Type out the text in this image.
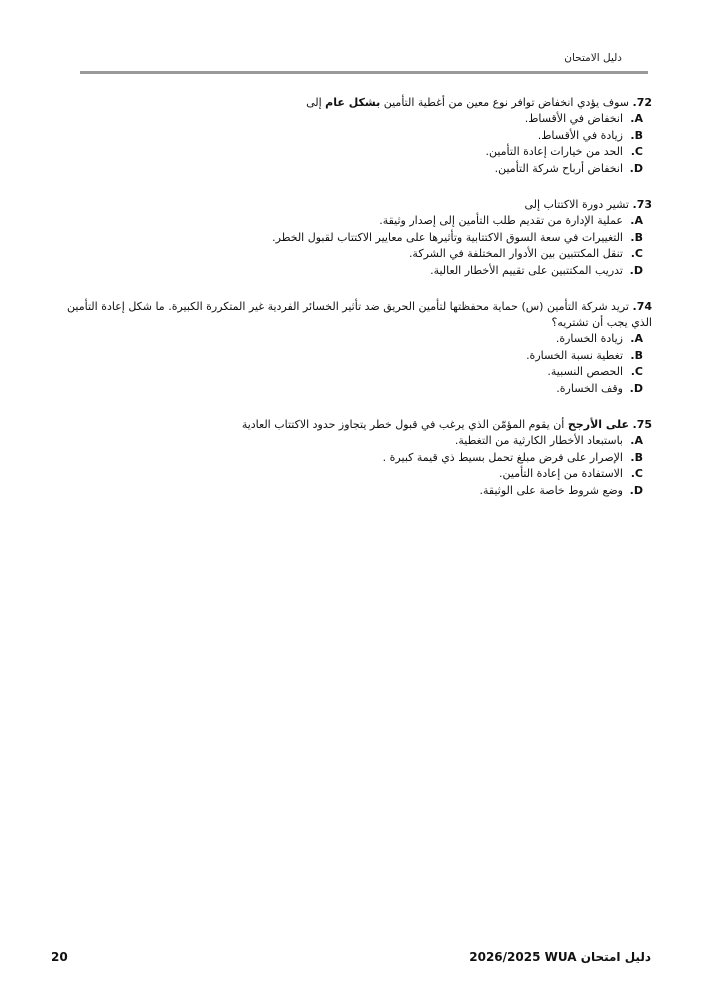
دليل الامتحان
72. سوف يؤدي انخفاض توافر نوع معين من أغطية التأمين بشكل عام إلى
A.انخفاض في الأقساط.
B.زيادة في الأقساط.
C.الحد من خيارات إعادة التأمين.
D.انخفاض أرباح شركة التأمين.
73. تشير دورة الاكتتاب إلى
A.عملية الإدارة من تقديم طلب التأمين إلى إصدار وثيقة.
B.التغييرات في سعة السوق الاكتتابية وتأثيرها على معايير الاكتتاب لقبول الخطر.
C.تنقل المكتتبين بين الأدوار المختلفة في الشركة.
D.تدريب المكتتبين على تقييم الأخطار العالية.
74. تريد شركة التأمين (س) حماية محفظتها لتأمين الحريق ضد تأثير الخسائر الفردية غير المتكررة الكبيرة. ما شكل إعادة التأمين الذي يجب أن تشتريه؟
A.زيادة الخسارة.
B.تغطية نسبة الخسارة.
C.الحصص النسبية.
D.وقف الخسارة.
75. على الأرجح أن يقوم المؤمّن الذي يرغب في قبول خطر يتجاوز حدود الاكتتاب العادية
A.باستبعاد الأخطار الكارثية من التغطية.
B.الإصرار على فرض مبلغ تحمل بسيط ذي قيمة كبيرة .
C.الاستفادة من إعادة التأمين.
D.وضع شروط خاصة على الوثيقة.
20	دليل امتحان 2026/2025 WUA
